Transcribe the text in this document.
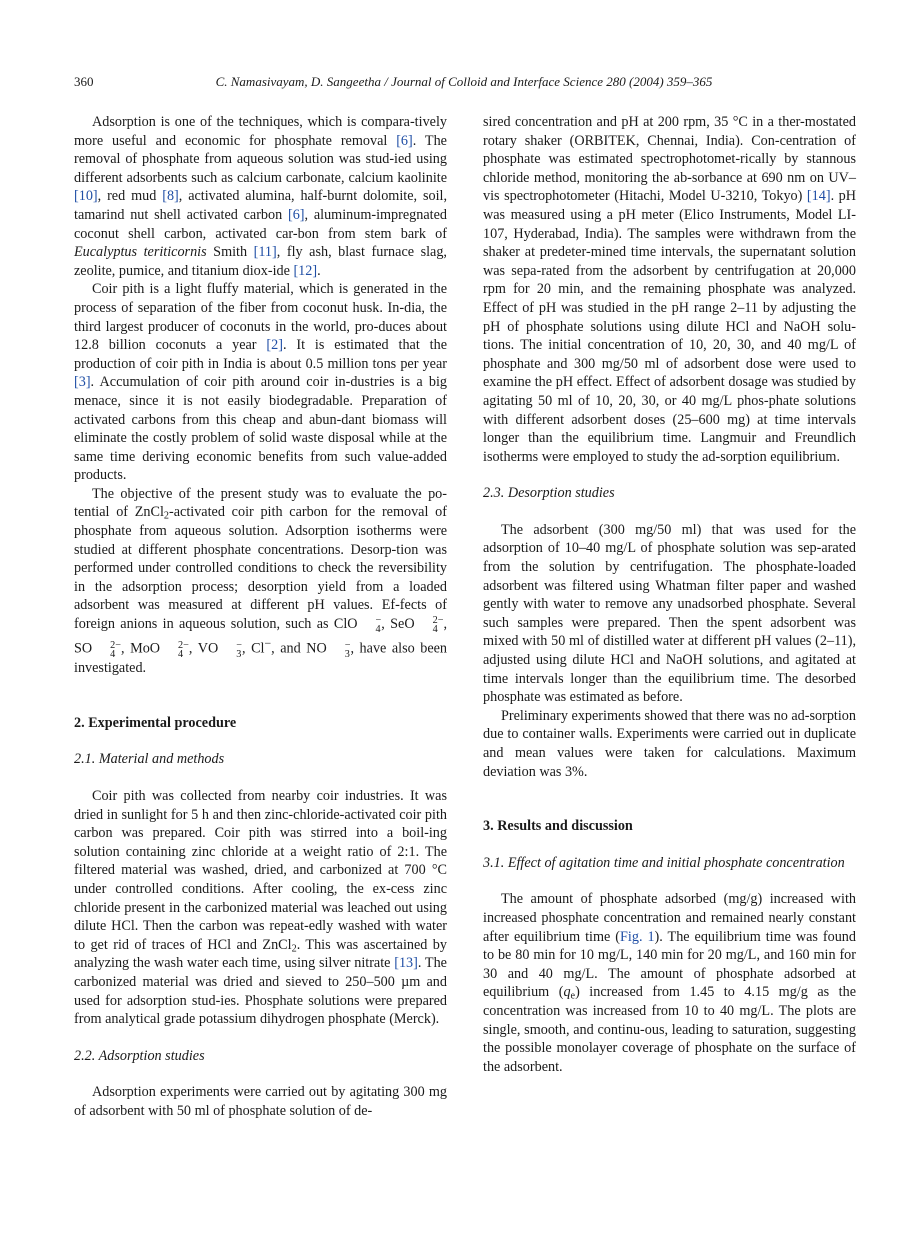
360	C. Namasivayam, D. Sangeetha / Journal of Colloid and Interface Science 280 (2004) 359–365

Adsorption is one of the techniques, which is compara-tively more useful and economic for phosphate removal [6]. The removal of phosphate from aqueous solution was stud-ied using different adsorbents such as calcium carbonate, calcium kaolinite [10], red mud [8], activated alumina, half-burnt dolomite, soil, tamarind nut shell activated carbon [6], aluminum-impregnated coconut shell carbon, activated car-bon from stem bark of Eucalyptus teriticornis Smith [11], fly ash, blast furnace slag, zeolite, pumice, and titanium diox-ide [12].

Coir pith is a light fluffy material, which is generated in the process of separation of the fiber from coconut husk. In-dia, the third largest producer of coconuts in the world, pro-duces about 12.8 billion coconuts a year [2]. It is estimated that the production of coir pith in India is about 0.5 million tons per year [3]. Accumulation of coir pith around coir in-dustries is a big menace, since it is not easily biodegradable. Preparation of activated carbons from this cheap and abun-dant biomass will eliminate the costly problem of solid waste disposal while at the same time deriving economic benefits from such value-added products.

The objective of the present study was to evaluate the po-tential of ZnCl$_2$-activated coir pith carbon for the removal of phosphate from aqueous solution. Adsorption isotherms were studied at different phosphate concentrations. Desorp-tion was performed under controlled conditions to check the reversibility in the adsorption process; desorption yield from a loaded adsorbent was measured at different pH values. Ef-fects of foreign anions in aqueous solution, such as ClO	−
4 , SeO	2−
4 , SO	2−
4 , MoO	2−
4 , VO	−
3 , Cl−, and NO	−
3 , have also been investigated.

2. Experimental procedure
2.1. Material and methods

Coir pith was collected from nearby coir industries. It was dried in sunlight for 5 h and then zinc-chloride-activated coir pith carbon was prepared. Coir pith was stirred into a boil-ing solution containing zinc chloride at a weight ratio of 2:1. The filtered material was washed, dried, and carbonized at 700 °C under controlled conditions. After cooling, the ex-cess zinc chloride present in the carbonized material was leached out using dilute HCl. Then the carbon was repeat-edly washed with water to get rid of traces of HCl and ZnCl$_2$. This was ascertained by analyzing the wash water each time, using silver nitrate [13]. The carbonized material was dried and sieved to 250–500 µm and used for adsorption stud-ies. Phosphate solutions were prepared from analytical grade potassium dihydrogen phosphate (Merck).

2.2. Adsorption studies

Adsorption experiments were carried out by agitating 300 mg of adsorbent with 50 ml of phosphate solution of de-

sired concentration and pH at 200 rpm, 35 °C in a ther-mostated rotary shaker (ORBITEK, Chennai, India). Con-centration of phosphate was estimated spectrophotomet-rically by stannous chloride method, monitoring the ab-sorbance at 690 nm on UV–vis spectrophotometer (Hitachi, Model U-3210, Tokyo) [14]. pH was measured using a pH meter (Elico Instruments, Model LI-107, Hyderabad, India). The samples were withdrawn from the shaker at predeter-mined time intervals, the supernatant solution was sepa-rated from the adsorbent by centrifugation at 20,000 rpm for 20 min, and the remaining phosphate was analyzed. Effect of pH was studied in the pH range 2–11 by adjusting the pH of phosphate solutions using dilute HCl and NaOH solu-tions. The initial concentration of 10, 20, 30, and 40 mg/L of phosphate and 300 mg/50 ml of adsorbent dose were used to examine the pH effect. Effect of adsorbent dosage was studied by agitating 50 ml of 10, 20, 30, or 40 mg/L phos-phate solutions with different adsorbent doses (25–600 mg) at time intervals longer than the equilibrium time. Langmuir and Freundlich isotherms were employed to study the ad-sorption equilibrium.

2.3. Desorption studies

The adsorbent (300 mg/50 ml) that was used for the adsorption of 10–40 mg/L of phosphate solution was sep-arated from the solution by centrifugation. The phosphate-loaded adsorbent was filtered using Whatman filter paper and washed gently with water to remove any unadsorbed phosphate. Several such samples were prepared. Then the spent adsorbent was mixed with 50 ml of distilled water at different pH values (2–11), adjusted using dilute HCl and NaOH solutions, and agitated at time intervals longer than the equilibrium time. The desorbed phosphate was estimated as before.

Preliminary experiments showed that there was no ad-sorption due to container walls. Experiments were carried out in duplicate and mean values were taken for calculations. Maximum deviation was 3%.

3. Results and discussion
3.1. Effect of agitation time and initial phosphate concentration

The amount of phosphate adsorbed (mg/g) increased with increased phosphate concentration and remained nearly constant after equilibrium time (Fig. 1). The equilibrium time was found to be 80 min for 10 mg/L, 140 min for 20 mg/L, and 160 min for 30 and 40 mg/L. The amount of phosphate adsorbed at equilibrium $(q_e)$ increased from 1.45 to 4.15 mg/g as the concentration was increased from 10 to 40 mg/L. The plots are single, smooth, and continu-ous, leading to saturation, suggesting the possible monolayer coverage of phosphate on the surface of the adsorbent.
